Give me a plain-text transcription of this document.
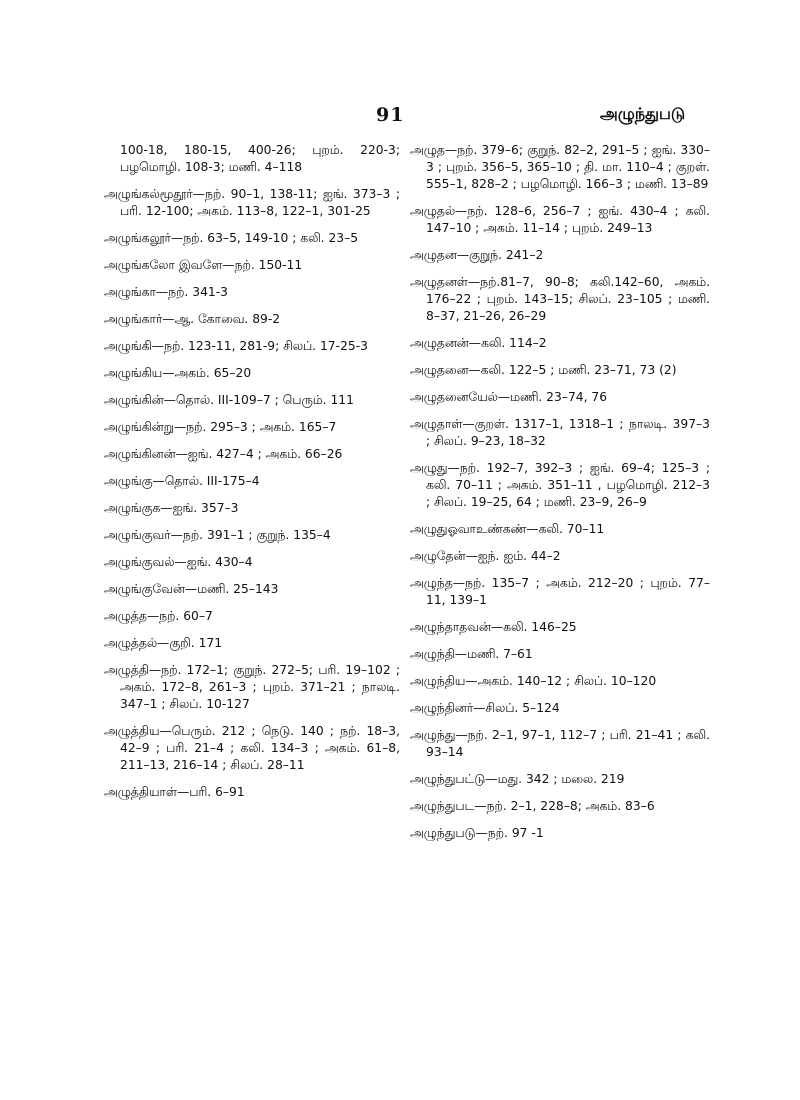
91	அழுந்துபடு

100-18, 180-15, 400-26; புறம். 220-3; பழமொழி. 108-3; மணி. 4–118

அழுங்கல்மூதூர்—நற். 90–1, 138-11; ஐங். 373–3 ; பரி. 12-100; அகம். 113–8, 122–1, 301-25

அழுங்கலூர்—நற். 63–5, 149-10 ; கலி. 23–5

அழுங்கலோ இவளே—நற். 150-11

அழுங்கா—நற். 341-3

அழுங்கார்—ஆ. கோவை. 89-2

அழுங்கி—நற். 123-11, 281-9; சிலப். 17-25-3

அழுங்கிய—அகம். 65–20

அழுங்கின்—தொல். III-109–7 ; பெரும். 111

அழுங்கின்று—நற். 295–3 ; அகம். 165–7

அழுங்கினன்—ஐங். 427–4 ; அகம். 66–26

அழுங்கு—தொல். III-175–4

அழுங்குக—ஐங். 357–3

அழுங்குவர்—நற். 391–1 ; குறுந். 135–4

அழுங்குவல்—ஐங். 430–4

அழுங்குவேன்—மணி. 25–143

அழுத்த—நற். 60–7

அழுத்தல்—குறி. 171

அழுத்தி—நற். 172–1; குறுந். 272–5; பரி. 19–102 ; அகம். 172–8, 261–3 ; புறம். 371–21 ; நாலடி. 347–1 ; சிலப். 10-127

அழுத்திய—பெரும். 212 ; நெடு. 140 ; நற். 18–3, 42–9 ; பரி. 21–4 ; கலி. 134–3 ; அகம். 61–8, 211–13, 216–14 ; சிலப். 28–11

அழுத்தியாள்—பரி. 6–91

அழுத—நற். 379–6; குறுந். 82–2, 291–5 ; ஐங். 330–3 ; புறம். 356–5, 365–10 ; தி. மா. 110–4 ; குறள். 555–1, 828–2 ; பழமொழி. 166–3 ; மணி. 13–89

அழுதல்—நற். 128–6, 256–7 ; ஐங். 430–4 ; கலி. 147–10 ; அகம். 11–14 ; புறம். 249–13

அழுதன—குறுந். 241–2

அழுதனள்—நற்.81–7, 90–8; கலி.142–60, அகம். 176–22 ; புறம். 143–15; சிலப். 23–105 ; மணி. 8–37, 21–26, 26–29

அழுதனன்—கலி. 114–2

அழுதனை—கலி. 122–5 ; மணி. 23–71, 73 (2)

அழுதனையேல்—மணி. 23–74, 76

அழுதாள்—குறள். 1317–1, 1318–1 ; நாலடி. 397–3 ; சிலப். 9–23, 18–32

அழுது—நற். 192–7, 392–3 ; ஐங். 69–4; 125–3 ; கலி. 70–11 ; அகம். 351–11 , பழமொழி. 212–3 ; சிலப். 19–25, 64 ; மணி. 23–9, 26–9

அழுதுஓவாஉண்கண்—கலி. 70–11

அழுதேன்—ஐந். ஐம். 44–2

அழுந்த—நற். 135–7 ; அகம். 212–20 ; புறம். 77–11, 139–1

அழுந்தாதவன்—கலி. 146–25

அழுந்தி—மணி. 7–61

அழுந்திய—அகம். 140–12 ; சிலப். 10–120

அழுந்தினர்—சிலப். 5–124

அழுந்து—நற். 2–1, 97–1, 112–7 ; பரி. 21–41 ; கலி. 93–14

அழுந்துபட்டு—மது. 342 ; மலை. 219

அழுந்துபட—நற். 2–1, 228–8; அகம். 83–6

அழுந்துபடு—நற். 97 -1
